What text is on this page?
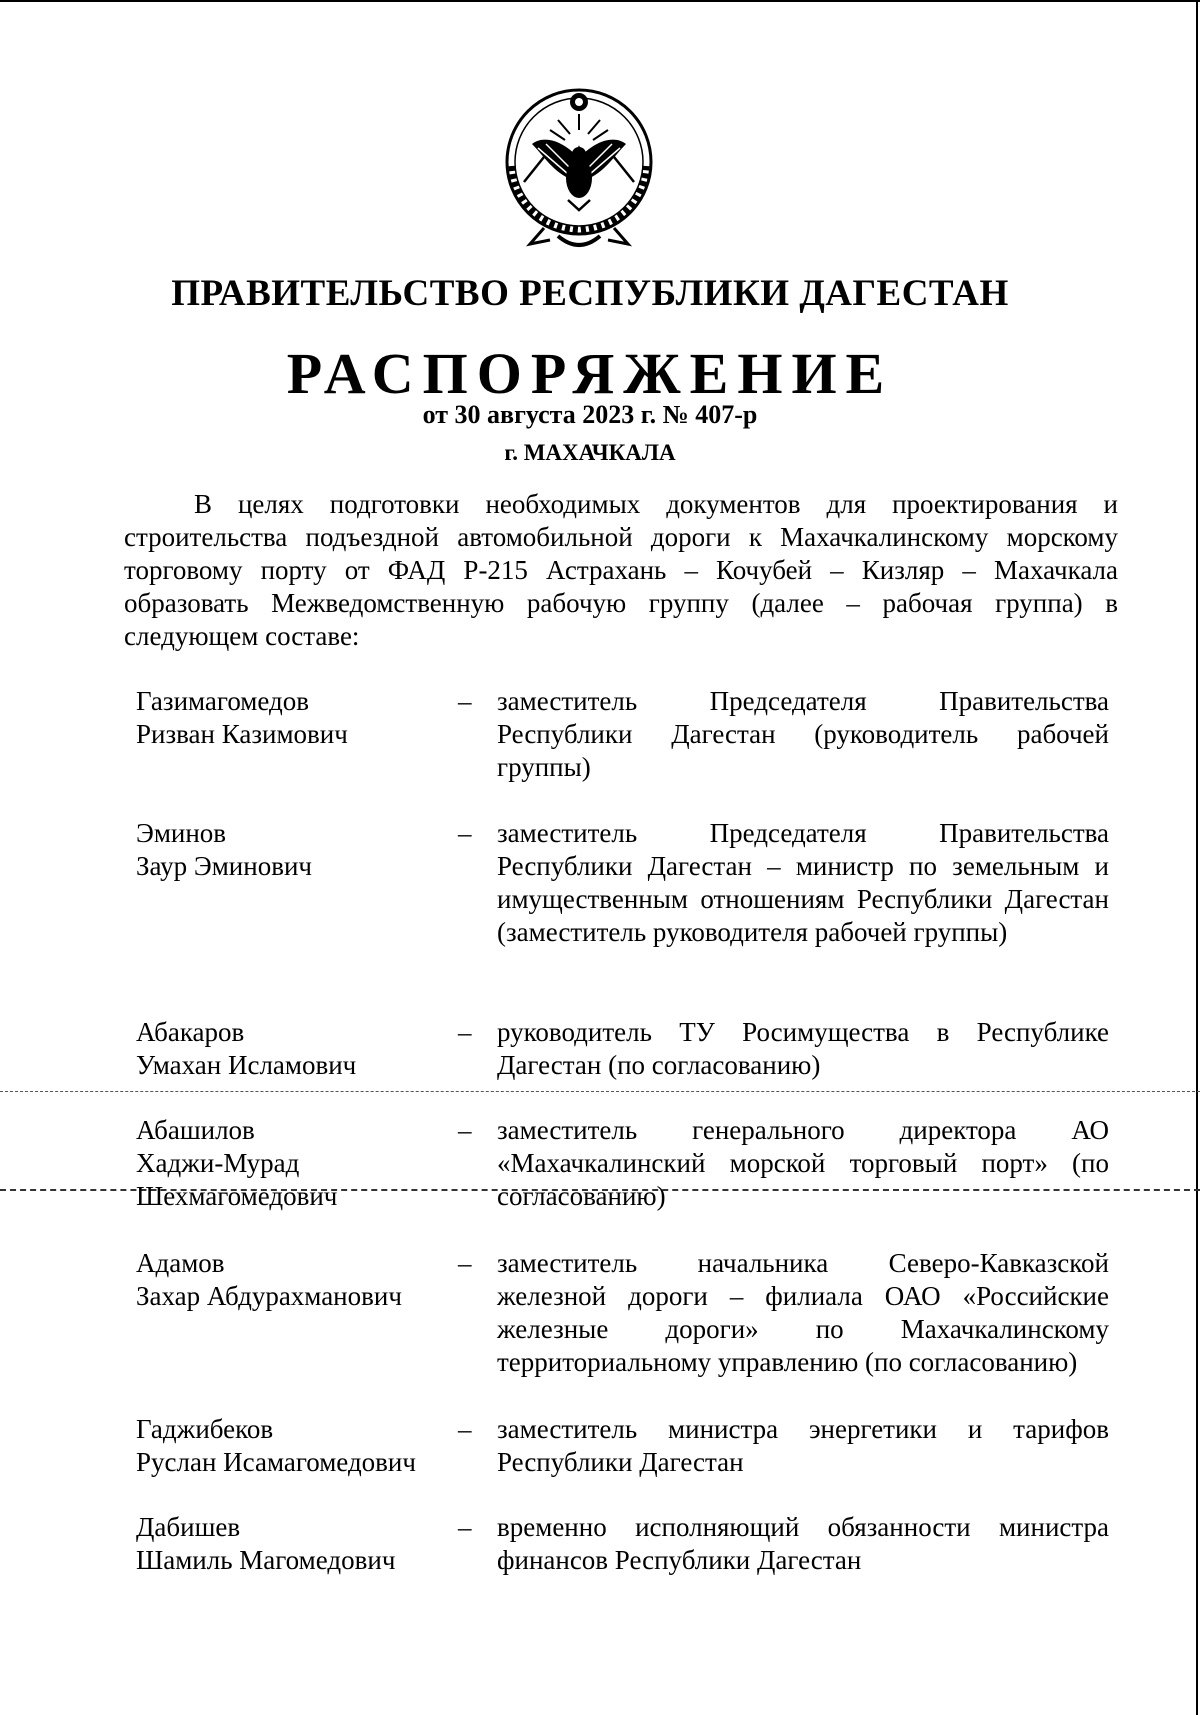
ПРАВИТЕЛЬСТВО РЕСПУБЛИКИ ДАГЕСТАН
РАСПОРЯЖЕНИЕ
от 30 августа 2023 г. № 407-р
г. МАХАЧКАЛА

В целях подготовки необходимых документов для проектирования и строительства подъездной автомобильной дороги к Махачкалинскому морскому торговому порту от ФАД Р-215 Астрахань – Кочубей – Кизляр – Махачкала образовать Межведомственную рабочую группу (далее – рабочая группа) в следующем составе:

Газимагомедов
Ризван Казимович
– заместитель Председателя Правительства Республики Дагестан (руководитель рабочей группы)
Эминов
Заур Эминович
– заместитель Председателя Правительства Республики Дагестан – министр по земельным и имущественным отношениям Республики Дагестан (заместитель руководителя рабочей группы)
Абакаров
Умахан Исламович
– руководитель ТУ Росимущества в Республике Дагестан (по согласованию)
Абашилов
Хаджи-Мурад
Шехмагомедович
– заместитель генерального директора АО «Махачкалинский морской торговый порт» (по согласованию)
Адамов
Захар Абдурахманович
– заместитель начальника Северо-Кавказской железной дороги – филиала ОАО «Российские железные дороги» по Махачкалинскому территориальному управлению (по согласованию)
Гаджибеков
Руслан Исамагомедович
– заместитель министра энергетики и тарифов Республики Дагестан
Дабишев
Шамиль Магомедович
– временно исполняющий обязанности министра финансов Республики Дагестан
